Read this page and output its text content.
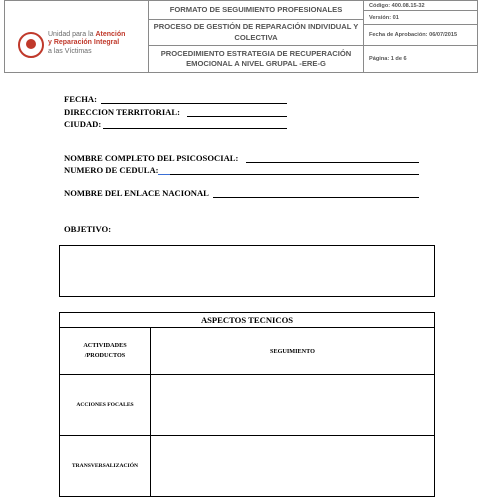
Unidad para la Atención
y Reparación Integral
a las Víctimas
FORMATO DE SEGUIMIENTO PROFESIONALES
PROCESO DE GESTIÓN DE REPARACIÓN INDIVIDUAL Y COLECTIVA
PROCEDIMIENTO ESTRATEGIA DE RECUPERACIÓN EMOCIONAL A NIVEL GRUPAL -ERE-G
Código: 400.08.15-32
Versión: 01
Fecha de Aprobación: 06/07/2015
Página: 1 de 6
FECHA:
DIRECCION TERRITORIAL:
CIUDAD:
NOMBRE COMPLETO DEL PSICOSOCIAL:
NUMERO DE CEDULA:
NOMBRE DEL ENLACE NACIONAL
OBJETIVO:
ASPECTOS TECNICOS
ACTIVIDADES /PRODUCTOS
SEGUIMIENTO
ACCIONES FOCALES
TRANSVERSALIZACIÓN
